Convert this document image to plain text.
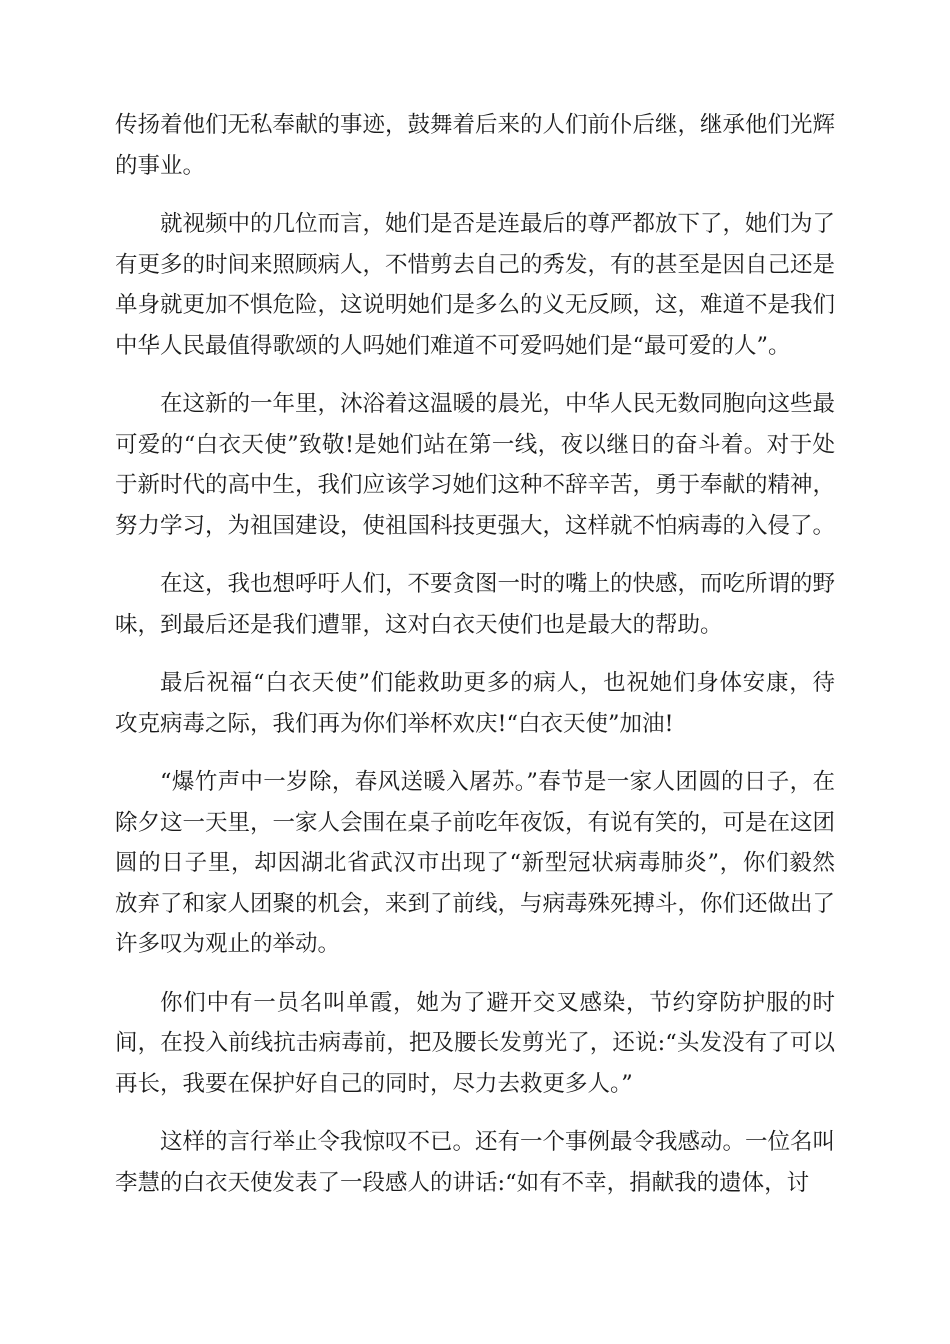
传扬着他们无私奉献的事迹，鼓舞着后来的人们前仆后继，继承他们光辉的事业。

就视频中的几位而言，她们是否是连最后的尊严都放下了，她们为了有更多的时间来照顾病人，不惜剪去自己的秀发，有的甚至是因自己还是单身就更加不惧危险，这说明她们是多么的义无反顾，这，难道不是我们中华人民最值得歌颂的人吗她们难道不可爱吗她们是“最可爱的人”。

在这新的一年里，沐浴着这温暖的晨光，中华人民无数同胞向这些最可爱的“白衣天使”致敬!是她们站在第一线，夜以继日的奋斗着。对于处于新时代的高中生，我们应该学习她们这种不辞辛苦，勇于奉献的精神，努力学习，为祖国建设，使祖国科技更强大，这样就不怕病毒的入侵了。

在这，我也想呼吁人们，不要贪图一时的嘴上的快感，而吃所谓的野味，到最后还是我们遭罪，这对白衣天使们也是最大的帮助。

最后祝福“白衣天使”们能救助更多的病人，也祝她们身体安康，待攻克病毒之际，我们再为你们举杯欢庆!“白衣天使”加油!

“爆竹声中一岁除，春风送暖入屠苏。”春节是一家人团圆的日子，在除夕这一天里，一家人会围在桌子前吃年夜饭，有说有笑的，可是在这团圆的日子里，却因湖北省武汉市出现了“新型冠状病毒肺炎”，你们毅然放弃了和家人团聚的机会，来到了前线，与病毒殊死搏斗，你们还做出了许多叹为观止的举动。

你们中有一员名叫单霞，她为了避开交叉感染，节约穿防护服的时间，在投入前线抗击病毒前，把及腰长发剪光了，还说:“头发没有了可以再长，我要在保护好自己的同时，尽力去救更多人。”

这样的言行举止令我惊叹不已。还有一个事例最令我感动。一位名叫李慧的白衣天使发表了一段感人的讲话:“如有不幸，捐献我的遗体，讨
